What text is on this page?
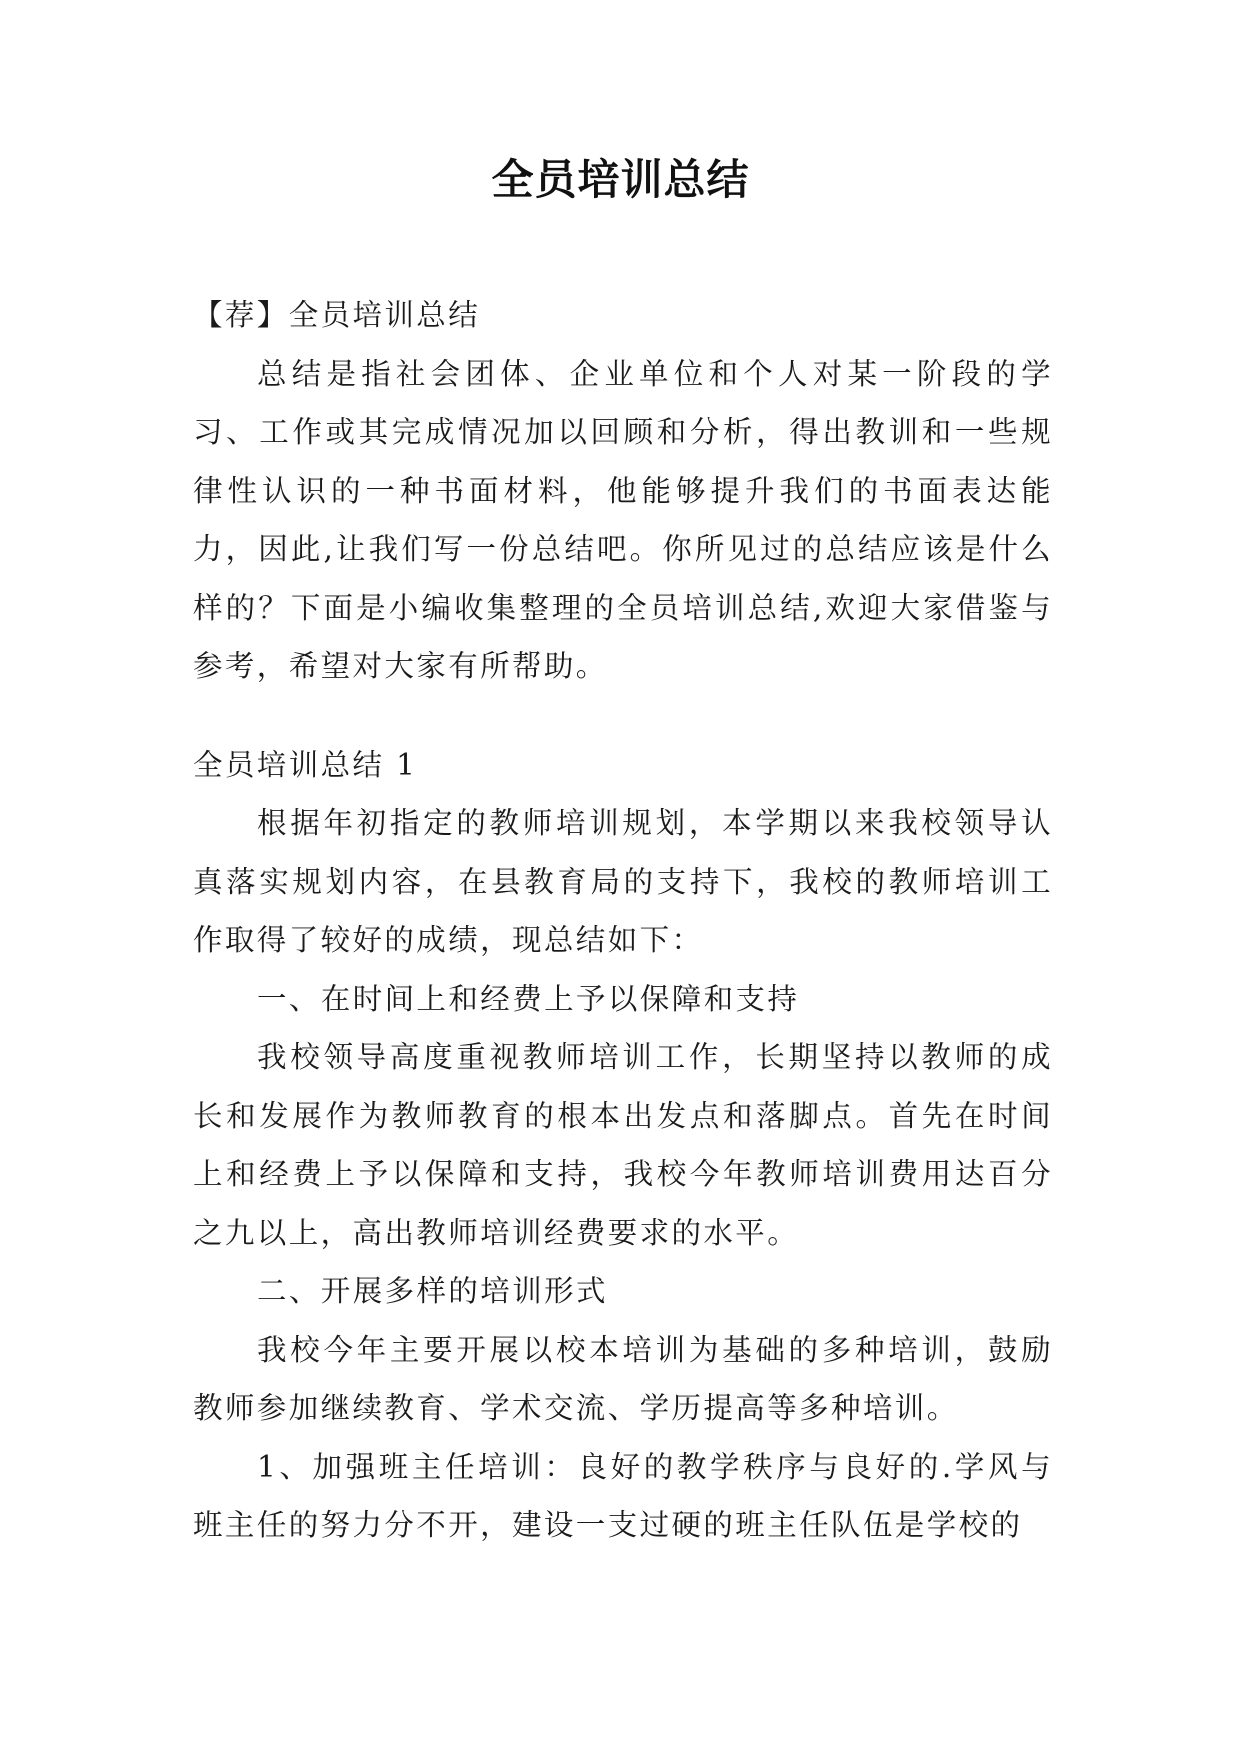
全员培训总结

【荐】全员培训总结

总结是指社会团体、企业单位和个人对某一阶段的学习、工作或其完成情况加以回顾和分析，得出教训和一些规律性认识的一种书面材料，他能够提升我们的书面表达能力，因此,让我们写一份总结吧。你所见过的总结应该是什么样的？下面是小编收集整理的全员培训总结,欢迎大家借鉴与参考，希望对大家有所帮助。

全员培训总结 1

根据年初指定的教师培训规划，本学期以来我校领导认真落实规划内容，在县教育局的支持下，我校的教师培训工作取得了较好的成绩，现总结如下：

一、在时间上和经费上予以保障和支持

我校领导高度重视教师培训工作，长期坚持以教师的成长和发展作为教师教育的根本出发点和落脚点。首先在时间上和经费上予以保障和支持，我校今年教师培训费用达百分之九以上，高出教师培训经费要求的水平。

二、开展多样的培训形式

我校今年主要开展以校本培训为基础的多种培训，鼓励教师参加继续教育、学术交流、学历提高等多种培训。

1、加强班主任培训：良好的教学秩序与良好的.学风与班主任的努力分不开，建设一支过硬的班主任队伍是学校的
